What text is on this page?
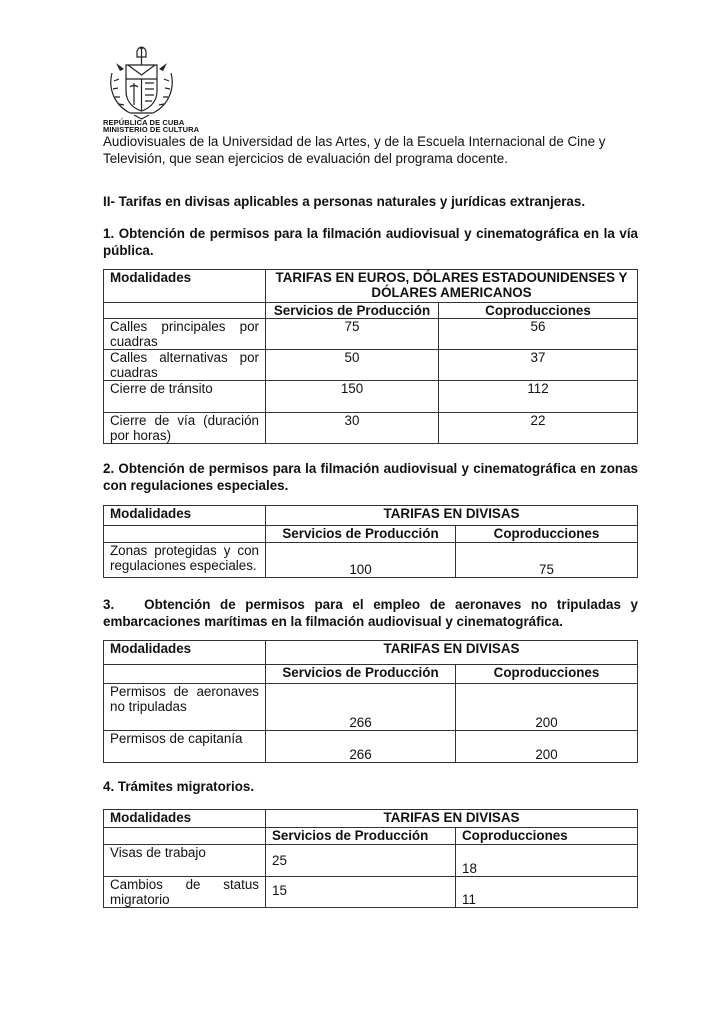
REPÚBLICA DE CUBA
MINISTERIO DE CULTURA

Audiovisuales de la Universidad de las Artes, y de la Escuela Internacional de Cine y Televisión, que sean ejercicios de evaluación del programa docente.

II- Tarifas en divisas aplicables a personas naturales y jurídicas extranjeras.

1. Obtención de permisos para la filmación audiovisual y cinematográfica en la vía pública.

Modalidades	TARIFAS EN EUROS, DÓLARES ESTADOUNIDENSES Y DÓLARES AMERICANOS	
	Servicios de Producción	Coproducciones
Calles principales por cuadras	75	56
Calles alternativas por cuadras	50	37
Cierre de tránsito	150	112
Cierre de vía (duración por horas)	30	22

2. Obtención de permisos para la filmación audiovisual y cinematográfica en zonas con regulaciones especiales.

Modalidades	TARIFAS EN DIVISAS	
	Servicios de Producción	Coproducciones
Zonas protegidas y con regulaciones especiales.	100	75

3. Obtención de permisos para el empleo de aeronaves no tripuladas y embarcaciones marítimas en la filmación audiovisual y cinematográfica.

Modalidades	TARIFAS EN DIVISAS	
	Servicios de Producción	Coproducciones
Permisos de aeronaves no tripuladas	266	200
Permisos de capitanía	266	200

4. Trámites migratorios.

Modalidades	TARIFAS EN DIVISAS	
	Servicios de Producción	Coproducciones
Visas de trabajo	25	18
Cambios de status migratorio	15	11
